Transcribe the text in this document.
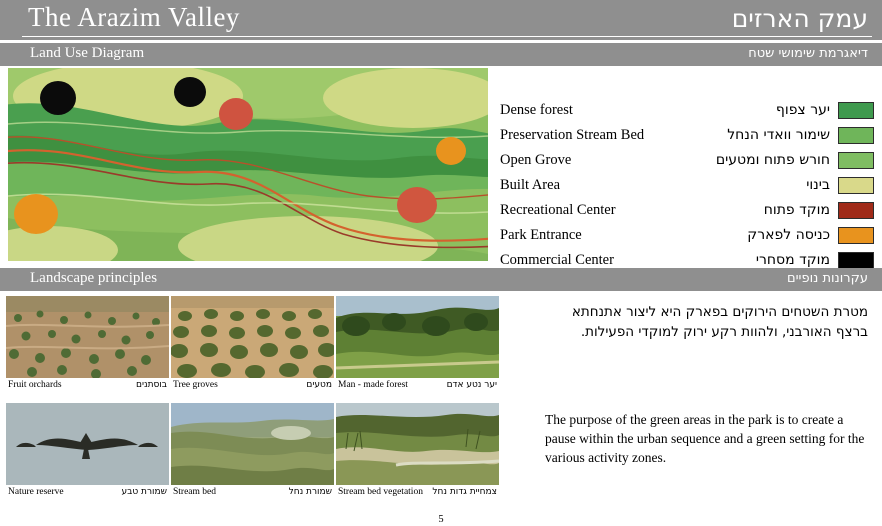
The Arazim Valley	עמק הארזים
Land Use Diagram	דיאגרמת שימושי שטח
Dense forest	יער צפוף
Preservation Stream Bed	שימור וואדי הנחל
Open Grove	חורש פתוח ומטעים
Built Area	בינוי
Recreational Center	מוקד פתוח
Park Entrance	כניסה לפארק
Commercial Center	מוקד מסחרי
Landscape principles	עקרונות נופיים
Fruit orchards	בוסתנים Tree groves	מטעים Man - made forest	יער נטע אדם
Nature reserve	שמורת טבע Stream bed	שמורת נחל Stream bed vegetation צמחיית גדות נחל
מטרת השטחים הירוקים בפארק היא ליצור אתנחתא ברצף האורבני, ולהוות רקע ירוק למוקדי הפעילות.
The purpose of the green areas in the park is to create a pause within the urban sequence and a green setting for the various activity zones.
5
